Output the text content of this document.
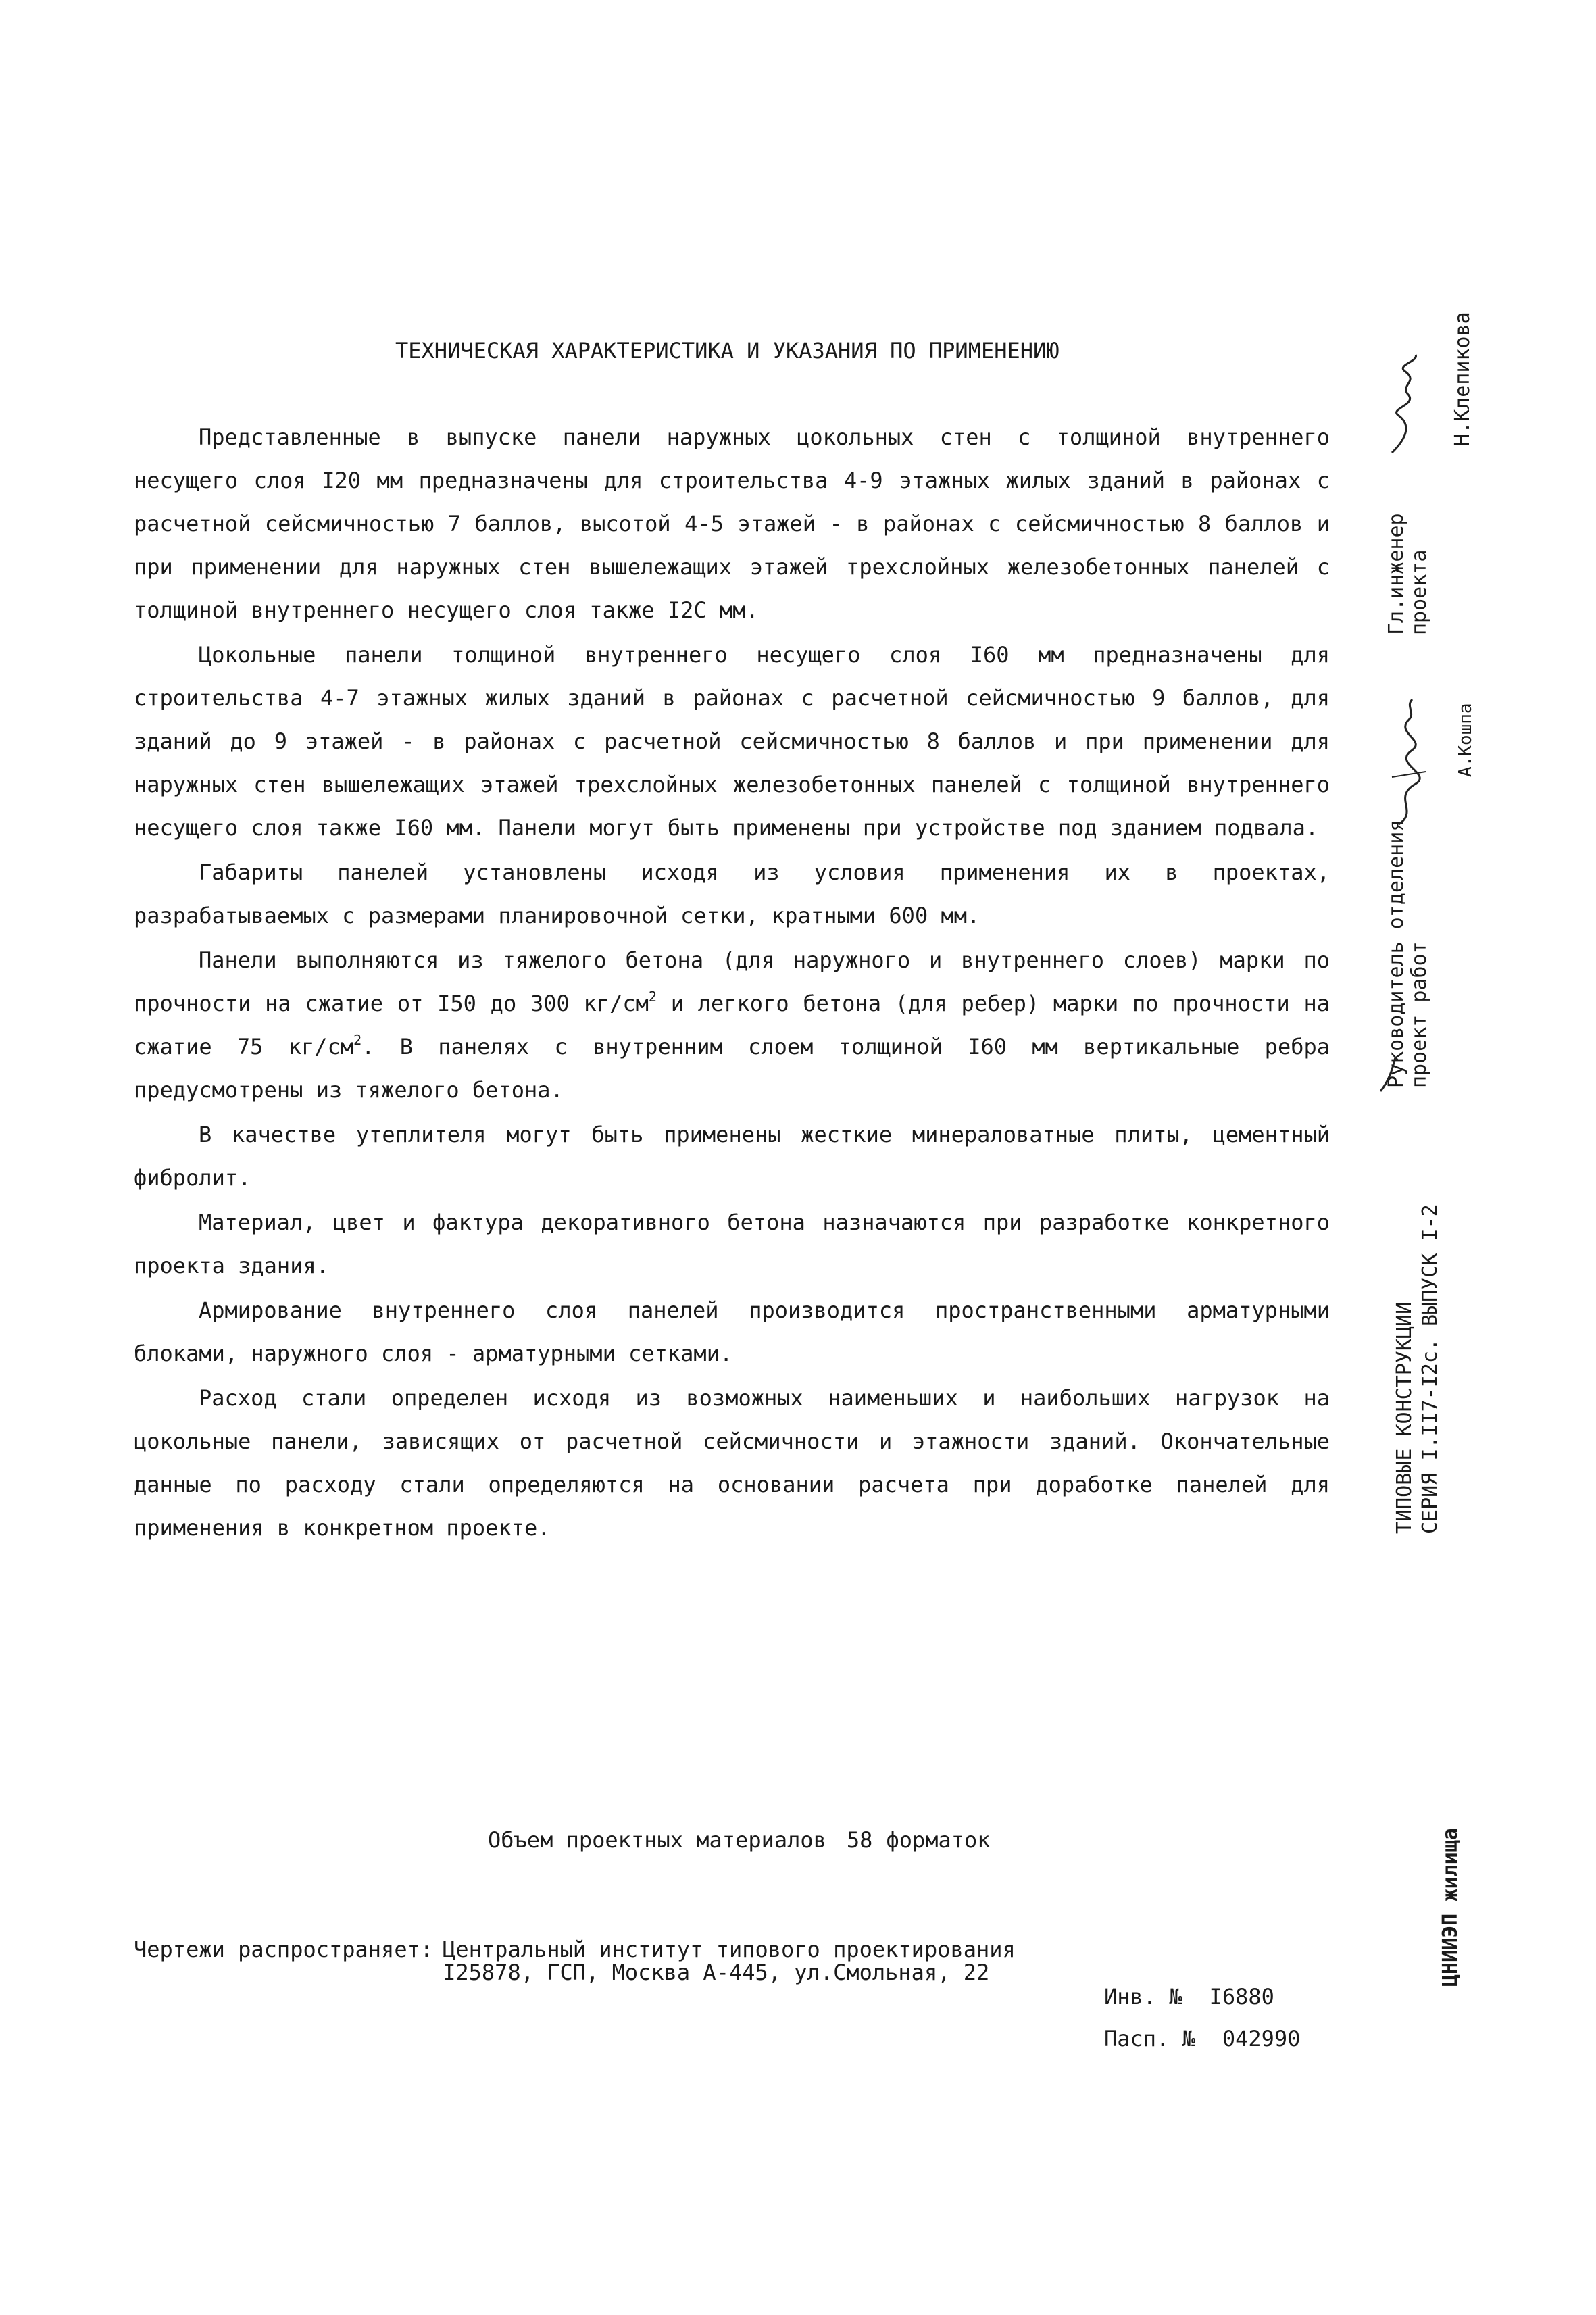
ТЕХНИЧЕСКАЯ ХАРАКТЕРИСТИКА И УКАЗАНИЯ ПО ПРИМЕНЕНИЮ

Представленные в выпуске панели наружных цокольных стен с толщиной внутреннего несущего слоя I20 мм предназначены для строительства 4-9 этажных жилых зданий в районах с расчетной сейсмичностью 7 баллов, высотой 4-5 этажей - в районах с сейсмичностью 8 баллов и при применении для наружных стен вышележащих этажей трехслойных железобетонных панелей с толщиной внутреннего несущего слоя также I2С мм.

Цокольные панели толщиной внутреннего несущего слоя I60 мм предназначены для строительства 4-7 этажных жилых зданий в районах с расчетной сейсмичностью 9 баллов, для зданий до 9 этажей - в районах с расчетной сейсмичностью 8 баллов и при применении для наружных стен вышележащих этажей трехслойных железобетонных панелей с толщиной внутреннего несущего слоя также I60 мм. Панели могут быть применены при устройстве под зданием подвала.

Габариты панелей установлены исходя из условия применения их в проектах, разрабатываемых с размерами планировочной сетки, кратными 600 мм.

Панели выполняются из тяжелого бетона (для наружного и внутреннего слоев) марки по прочности на сжатие от I50 до 300 $кг/см^2$ и легкого бетона (для ребер) марки по прочности на сжатие 75 $кг/см^2$. В панелях с внутренним слоем толщиной I60 мм вертикальные ребра предусмотрены из тяжелого бетона.

В качестве утеплителя могут быть применены жесткие минераловатные плиты, цементный фибролит.

Материал, цвет и фактура декоративного бетона назначаются при разработке конкретного проекта здания.

Армирование внутреннего слоя панелей производится пространственными арматурными блоками, наружного слоя - арматурными сетками.

Расход стали определен исходя из возможных наименьших и наибольших нагрузок на цокольные панели, зависящих от расчетной сейсмичности и этажности зданий. Окончательные данные по расходу стали определяются на основании расчета при доработке панелей для применения в конкретном проекте.

Объем проектных материалов 58 форматок
Чертежи распространяет: Центральный институт типового проектирования
I25878, ГСП, Москва А-445, ул.Смольная, 22
Инв. № I6880
Пасп. № 042990
Н.Клепикова
Гл.инженер
проекта
А.Кошпа
Руководитель отделения
проект работ
ТИПОВЫЕ КОНСТРУКЦИИ СЕРИЯ I.II7-I2с. ВЫПУСК I-2
ЦНИИЭП жилища
